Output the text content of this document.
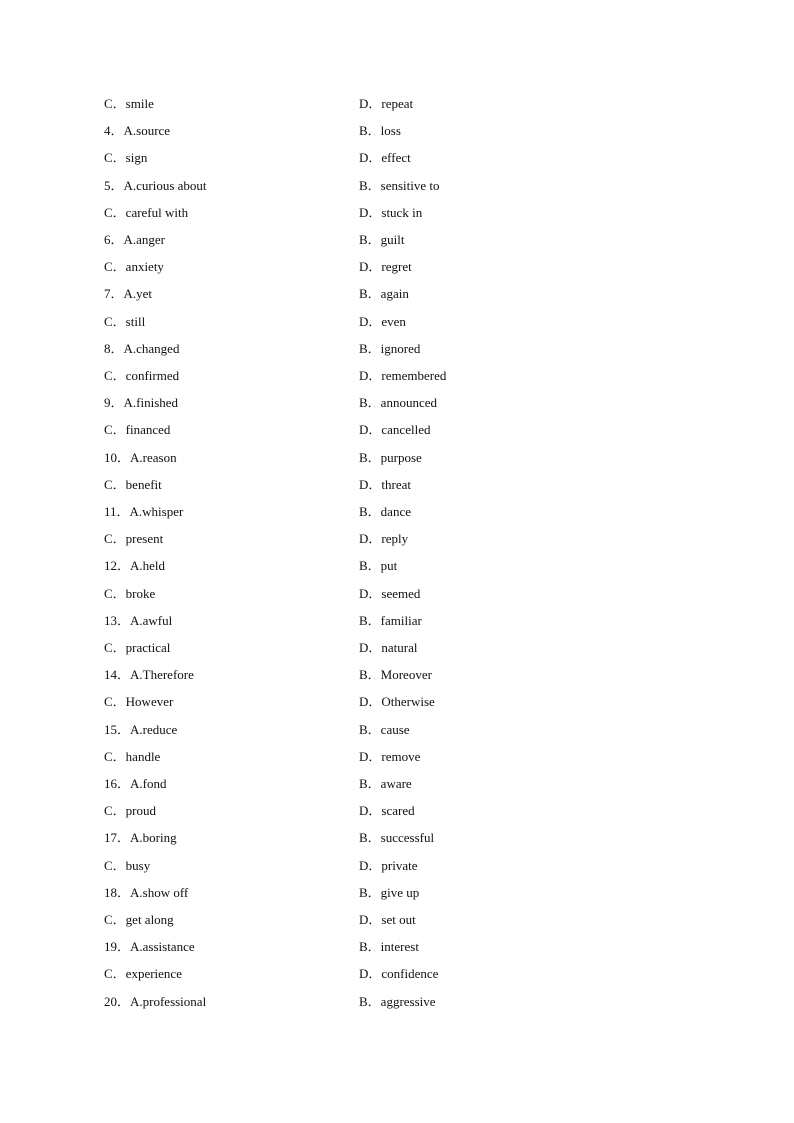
C．smile	D．repeat
4．A.source	B．loss
C．sign	D．effect
5．A.curious about	B．sensitive to
C．careful with	D．stuck in
6．A.anger	B．guilt
C．anxiety	D．regret
7．A.yet	B．again
C．still	D．even
8．A.changed	B．ignored
C．confirmed	D．remembered
9．A.finished	B．announced
C．financed	D．cancelled
10．A.reason	B．purpose
C．benefit	D．threat
11．A.whisper	B．dance
C．present	D．reply
12．A.held	B．put
C．broke	D．seemed
13．A.awful	B．familiar
C．practical	D．natural
14．A.Therefore	B．Moreover
C．However	D．Otherwise
15．A.reduce	B．cause
C．handle	D．remove
16．A.fond	B．aware
C．proud	D．scared
17．A.boring	B．successful
C．busy	D．private
18．A.show off	B．give up
C．get along	D．set out
19．A.assistance	B．interest
C．experience	D．confidence
20．A.professional	B．aggressive
